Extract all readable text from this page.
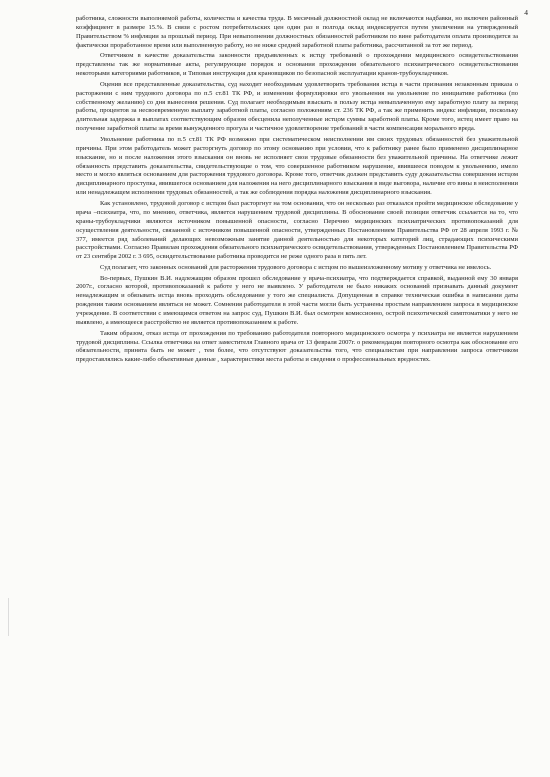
4

работника, сложности выполняемой работы, количества и качества труда. В месячный должностной оклад не включаются надбавки, но включен районный коэффициент в размере 15.%. В связи с ростом потребительских цен один раз в полгода оклад индексируется путем увеличения на утвержденный Правительством % инфляции за прошлый период. При невыполнении должностных обязанностей работником по вине работодателя оплата производится за фактически проработанное время или выполненную работу, но не ниже средней заработной платы работника, рассчитанной за тот же период.

Ответчиком в качестве доказательства законности предъявленных к истцу требований о прохождении медицинского освидетельствования представлены так же нормативные акты, регулирующие порядок и основания прохождения обязательного психиатрического освидетельствования некоторыми категориями работников, и Типовая инструкция для крановщиков по безопасной эксплуатации кранов-трубоукладчиков.

Оценив все представленные доказательства, суд находит необходимым удовлетворить требования истца в части признания незаконным приказа о расторжении с ним трудового договора по п.5 ст.81 ТК РФ, и изменении формулировки его увольнения на увольнение по инициативе работника (по собственному желанию) со дня вынесения решения. Суд полагает необходимым взыскать в пользу истца невыплаченную ему заработную плату за период работы, процентов за несвоевременную выплату заработной платы, согласно положениям ст. 236 ТК РФ, а так же применить индекс инфляции, поскольку длительная задержка в выплатах соответствующим образом обесценила неполученные истцом суммы заработной платы. Кроме того, истец имеет право на получение заработной платы за время вынужденного прогула и частичное удовлетворение требований в части компенсации морального вреда.

Увольнение работника по п.5 ст.81 ТК РФ возможно при систематическом неисполнении им своих трудовых обязанностей без уважительной причины. При этом работодатель может расторгнуть договор по этому основанию при условии, что к работнику ранее было применено дисциплинарное взыскание, но и после наложения этого взыскания он вновь не исполняет свои трудовые обязанности без уважительной причины. На ответчике лежит обязанность представить доказательства, свидетельствующие о том, что совершенное работником нарушение, явившееся поводом к увольнению, имело место и могло являться основанием для расторжения трудового договора. Кроме того, ответчик должен представить суду доказательства совершения истцом дисциплинарного проступка, явившегося основанием для наложения на него дисциплинарного взыскания в виде выговора, наличие его вины в неисполнении или ненадлежащем исполнении трудовых обязанностей, а так же соблюдения порядка наложения дисциплинарного взыскания.

Как установлено, трудовой договор с истцом был расторгнут на том основании, что он несколько раз отказался пройти медицинское обследование у врача –психиатра, что, по мнению, ответчика, является нарушением трудовой дисциплины. В обоснование своей позиции ответчик ссылается на то, что краны-трубоукладчики являются источником повышенной опасности, согласно Перечню медицинских психиатрических противопоказаний для осуществления деятельности, связанной с источником повышенной опасности, утвержденных Постановлением Правительства РФ от 28 апреля 1993 г. № 377, имеется ряд заболеваний ,делающих невозможным занятие данной деятельностью для некоторых категорий лиц, страдающих психическими расстройствами. Согласно Правилам прохождения обязательного психиатрического освидетельствования, утвержденных Постановлением Правительства РФ от 23 сентября 2002 г. 3 695, освидетельствование работника проводится не реже одного раза в пять лет.

Суд полагает, что законных оснований для расторжения трудового договора с истцом по вышеизложенному мотиву у ответчика не имелось.

Во-первых, Пушкин В.И. надлежащим образом прошел обследование у врача-психиатра, что подтверждается справкой, выданной ему 30 января 2007г., согласно которой, противопоказаний к работе у него не выявлено. У работодателя не было никаких оснований признавать данный документ ненадлежащим и обязывать истца вновь проходить обследование у того же специалиста. Допущенная в справке техническая ошибка в написании даты рождения таким основанием являться не может. Сомнения работодателя в этой части могли быть устранены простым направлением запроса в медицинское учреждение. В соответствии с имеющимся ответом на запрос суд, Пушкин В.И. был осмотрен комиссионно, острой психотической симптоматики у него не выявлено, а имеющееся расстройство не является противопоказанием к работе.

Таким образом, отказ истца от прохождения по требованию работодателя повторного медицинского осмотра у психиатра не является нарушением трудовой дисциплины. Ссылка ответчика на ответ заместителя Главного врача от 13 февраля 2007г. о рекомендации повторного осмотра как обоснование его обязательности, принята быть не может , тем более, что отсутствуют доказательства того, что специалистам при направлении запроса ответчиком предоставлялись какие-либо объективные данные , характеристики места работы и сведения о профессиональных вредностях.
